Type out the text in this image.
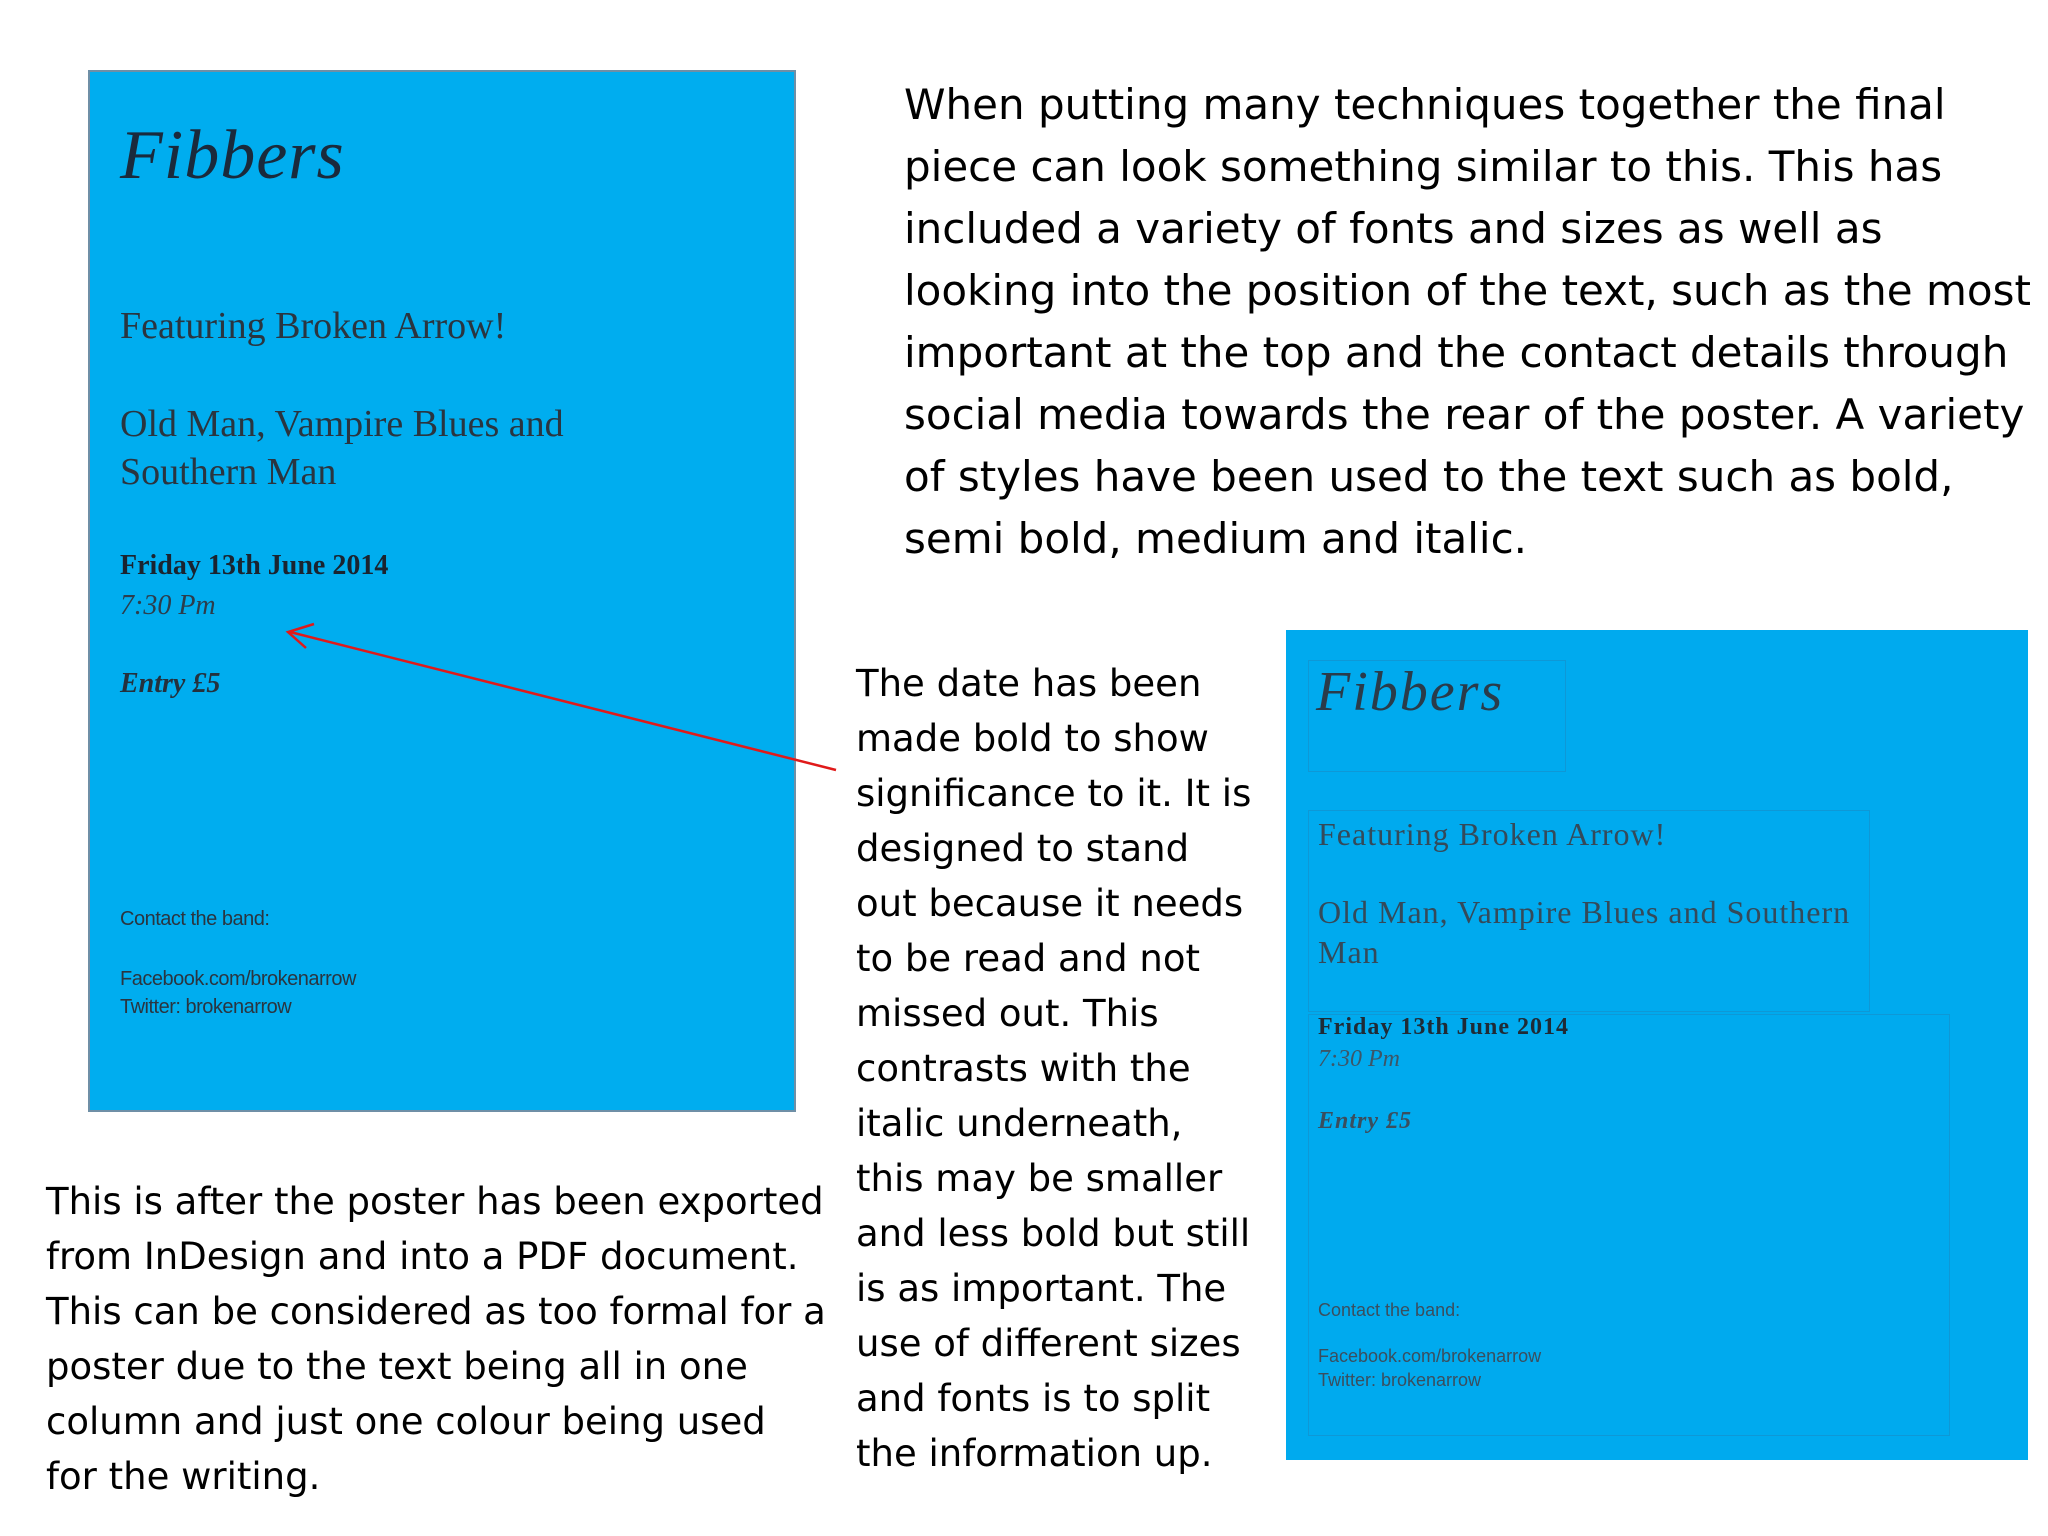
Fibbers
Featuring Broken Arrow!
Old Man, Vampire Blues and Southern Man
Friday 13th June 2014
7:30 Pm
Entry £5
Contact the band:
Facebook.com/brokenarrow
Twitter: brokenarrow

When putting many techniques together the final piece can look something similar to this. This has included a variety of fonts and sizes as well as looking into the position of the text, such as the most important at the top and the contact details through social media towards the rear of the poster. A variety of styles have been used to the text such as bold, semi bold, medium and italic.

The date has been made bold to show significance to it. It is designed to stand out because it needs to be read and not missed out. This contrasts with the italic underneath, this may be smaller and less bold but still is as important. The use of different sizes and fonts is to split the information up.

This is after the poster has been exported from InDesign and into a PDF document. This can be considered as too formal for a poster due to the text being all in one column and just one colour being used for the writing.

Fibbers
Featuring Broken Arrow!
Old Man, Vampire Blues and Southern Man
Friday 13th June 2014
7:30 Pm
Entry £5
Contact the band:
Facebook.com/brokenarrow
Twitter: brokenarrow
